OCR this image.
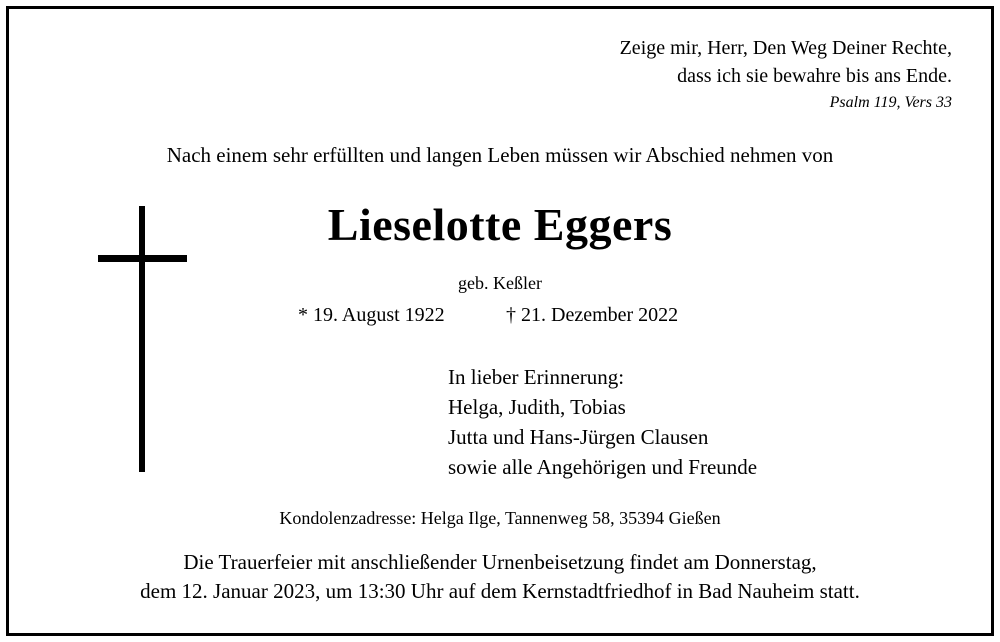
Zeige mir, Herr, Den Weg Deiner Rechte,
dass ich sie bewahre bis ans Ende.
Psalm 119, Vers 33
Nach einem sehr erfüllten und langen Leben müssen wir Abschied nehmen von
Lieselotte Eggers
geb. Keßler
* 19. August 1922	† 21. Dezember 2022
In lieber Erinnerung:
Helga, Judith, Tobias
Jutta und Hans-Jürgen Clausen
sowie alle Angehörigen und Freunde
Kondolenzadresse: Helga Ilge, Tannenweg 58, 35394 Gießen
Die Trauerfeier mit anschließender Urnenbeisetzung findet am Donnerstag,
dem 12. Januar 2023, um 13:30 Uhr auf dem Kernstadtfriedhof in Bad Nauheim statt.
